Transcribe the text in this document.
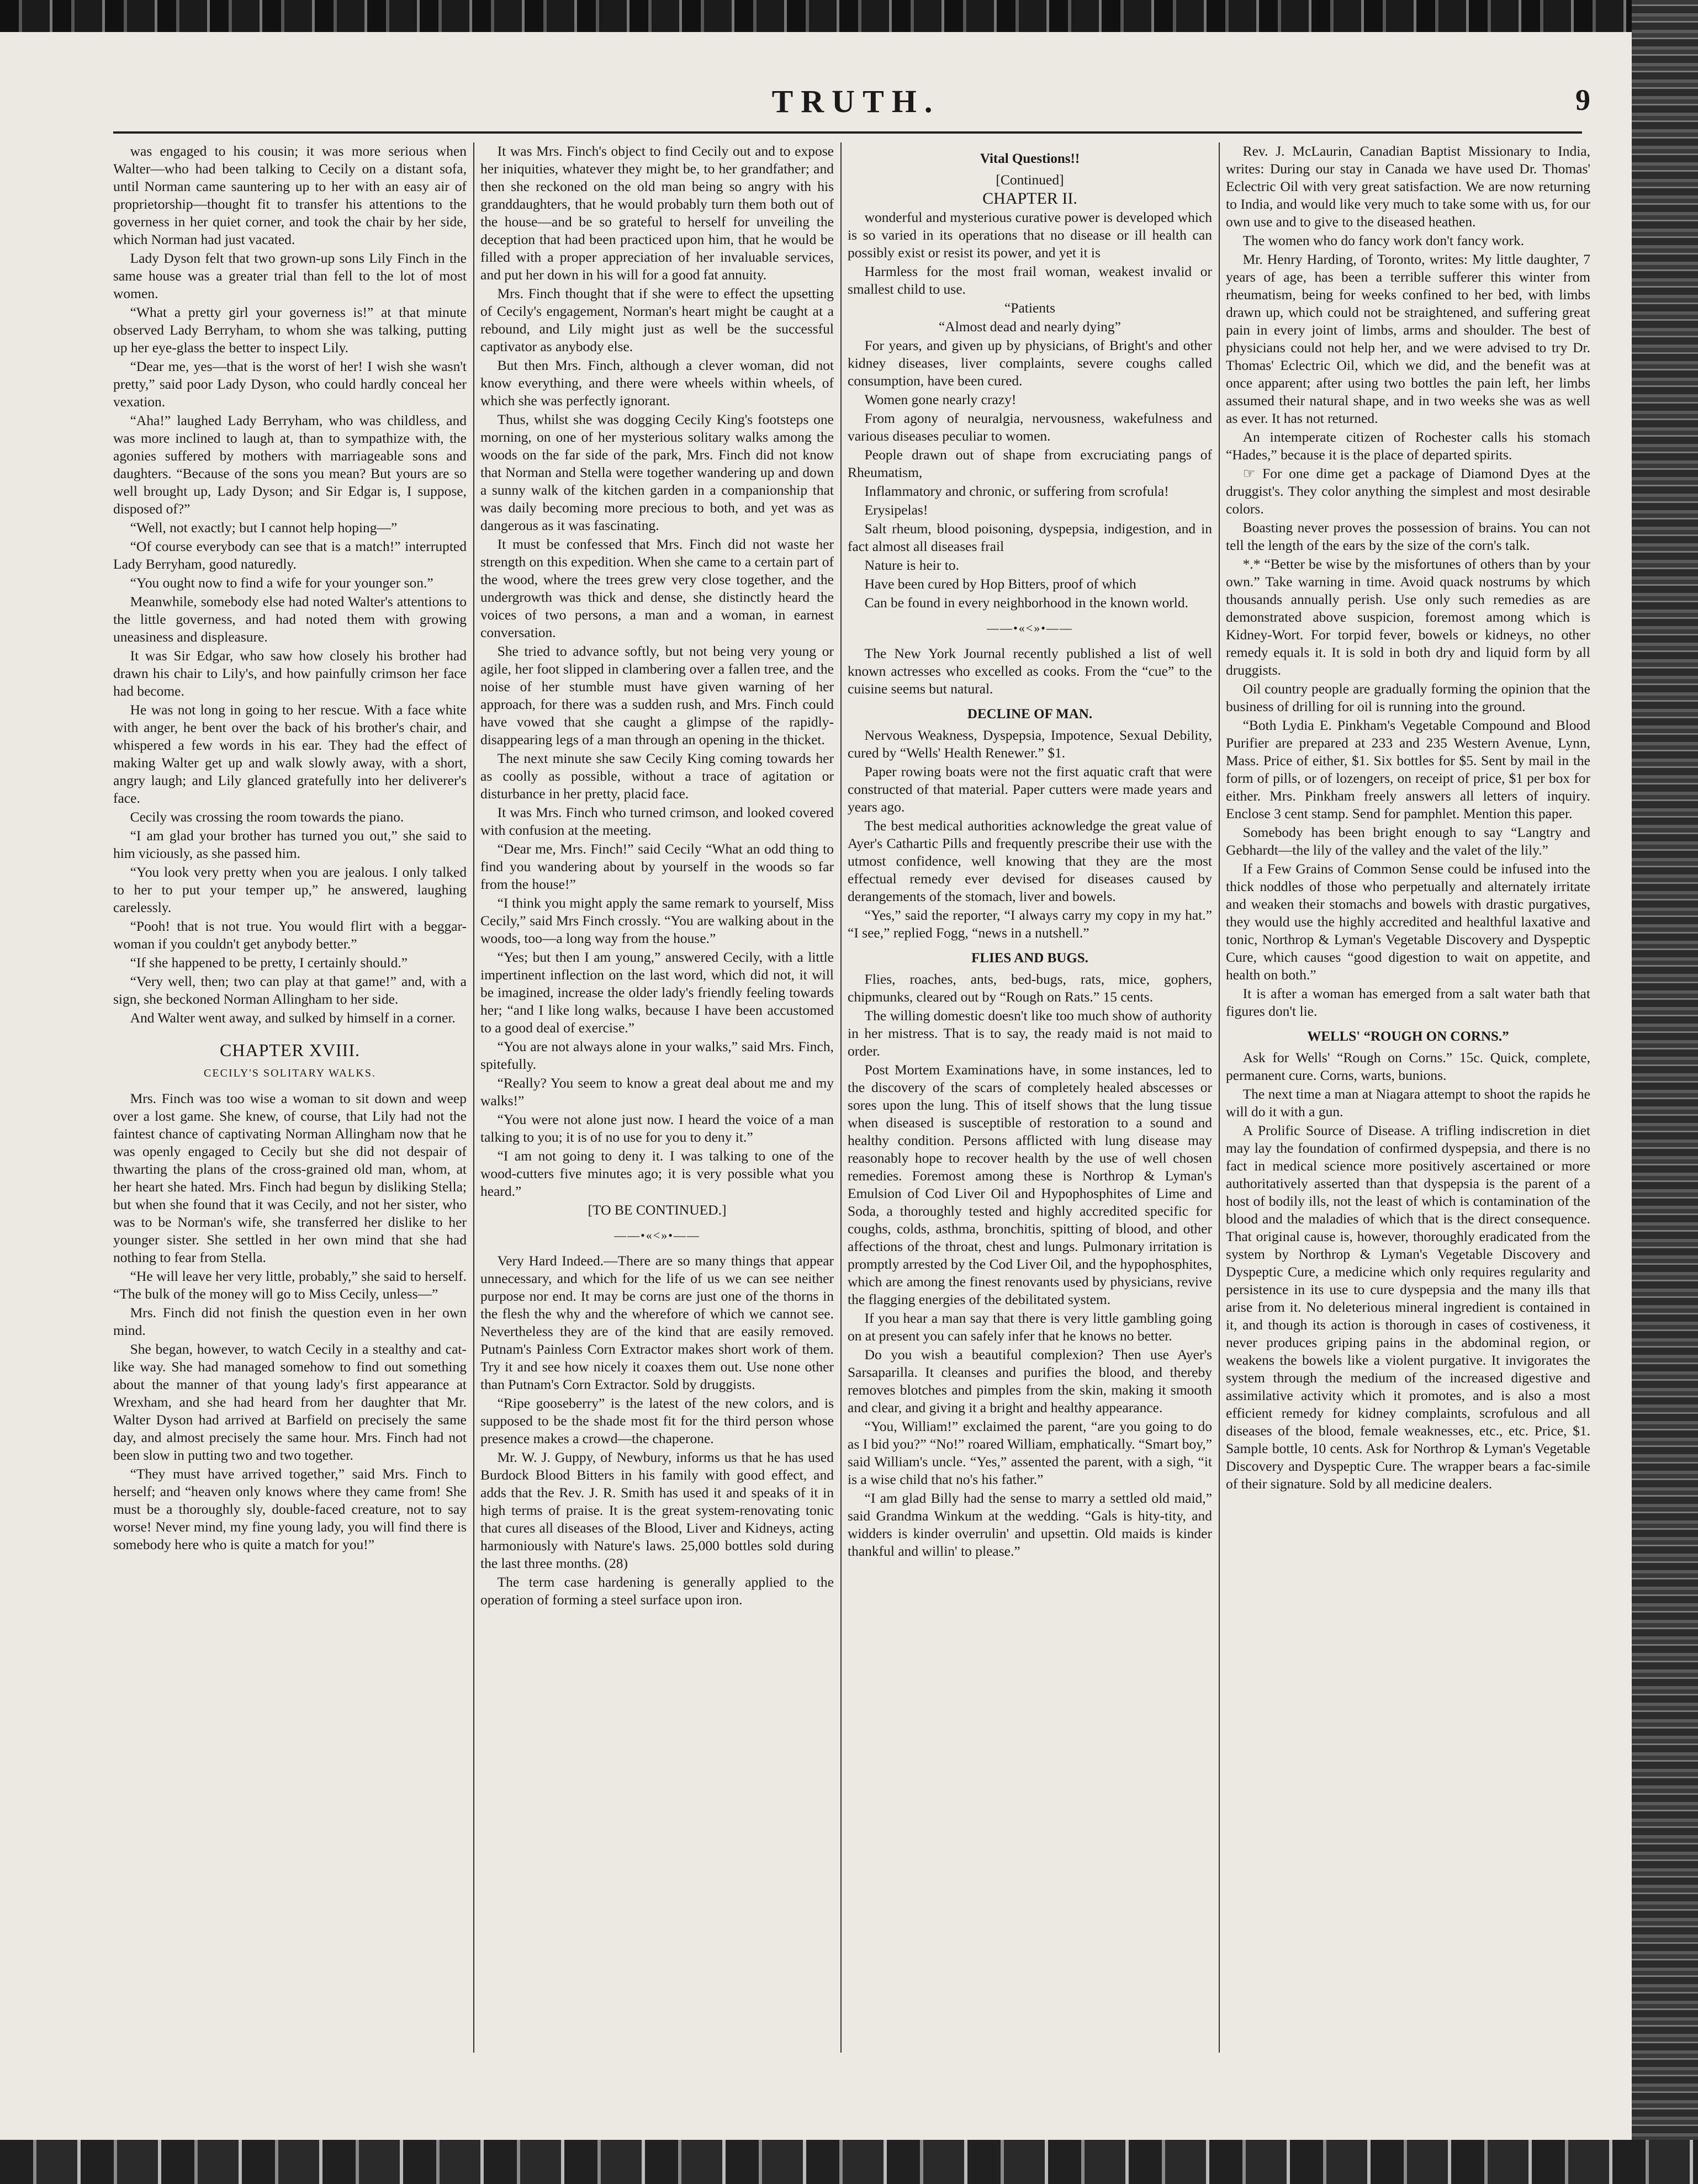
TRUTH.	9

was engaged to his cousin; it was more serious when Walter—who had been talking to Cecily on a distant sofa, until Norman came sauntering up to her with an easy air of proprietorship—thought fit to transfer his attentions to the governess in her quiet corner, and took the chair by her side, which Norman had just vacated.

Lady Dyson felt that two grown-up sons Lily Finch in the same house was a greater trial than fell to the lot of most women.

“What a pretty girl your governess is!” at that minute observed Lady Berryham, to whom she was talking, putting up her eye-glass the better to inspect Lily.

“Dear me, yes—that is the worst of her! I wish she wasn't pretty,” said poor Lady Dyson, who could hardly conceal her vexation.

“Aha!” laughed Lady Berryham, who was childless, and was more inclined to laugh at, than to sympathize with, the agonies suffered by mothers with marriageable sons and daughters. “Because of the sons you mean? But yours are so well brought up, Lady Dyson; and Sir Edgar is, I suppose, disposed of?”

“Well, not exactly; but I cannot help hoping—”

“Of course everybody can see that is a match!” interrupted Lady Berryham, good naturedly.

“You ought now to find a wife for your younger son.”

Meanwhile, somebody else had noted Walter's attentions to the little governess, and had noted them with growing uneasiness and displeasure.

It was Sir Edgar, who saw how closely his brother had drawn his chair to Lily's, and how painfully crimson her face had become.

He was not long in going to her rescue. With a face white with anger, he bent over the back of his brother's chair, and whispered a few words in his ear. They had the effect of making Walter get up and walk slowly away, with a short, angry laugh; and Lily glanced gratefully into her deliverer's face.

Cecily was crossing the room towards the piano.

“I am glad your brother has turned you out,” she said to him viciously, as she passed him.

“You look very pretty when you are jealous. I only talked to her to put your temper up,” he answered, laughing carelessly.

“Pooh! that is not true. You would flirt with a beggar-woman if you couldn't get anybody better.”

“If she happened to be pretty, I certainly should.”

“Very well, then; two can play at that game!” and, with a sign, she beckoned Norman Allingham to her side.

And Walter went away, and sulked by himself in a corner.

CHAPTER XVIII.

CECILY'S SOLITARY WALKS.

Mrs. Finch was too wise a woman to sit down and weep over a lost game. She knew, of course, that Lily had not the faintest chance of captivating Norman Allingham now that he was openly engaged to Cecily but she did not despair of thwarting the plans of the cross-grained old man, whom, at her heart she hated. Mrs. Finch had begun by disliking Stella; but when she found that it was Cecily, and not her sister, who was to be Norman's wife, she transferred her dislike to her younger sister. She settled in her own mind that she had nothing to fear from Stella.

“He will leave her very little, probably,” she said to herself. “The bulk of the money will go to Miss Cecily, unless—”

Mrs. Finch did not finish the question even in her own mind.

She began, however, to watch Cecily in a stealthy and cat-like way. She had managed somehow to find out something about the manner of that young lady's first appearance at Wrexham, and she had heard from her daughter that Mr. Walter Dyson had arrived at Barfield on precisely the same day, and almost precisely the same hour. Mrs. Finch had not been slow in putting two and two together.

“They must have arrived together,” said Mrs. Finch to herself; and “heaven only knows where they came from! She must be a thoroughly sly, double-faced creature, not to say worse! Never mind, my fine young lady, you will find there is somebody here who is quite a match for you!”

It was Mrs. Finch's object to find Cecily out and to expose her iniquities, whatever they might be, to her grandfather; and then she reckoned on the old man being so angry with his granddaughters, that he would probably turn them both out of the house—and be so grateful to herself for unveiling the deception that had been practiced upon him, that he would be filled with a proper appreciation of her invaluable services, and put her down in his will for a good fat annuity.

Mrs. Finch thought that if she were to effect the upsetting of Cecily's engagement, Norman's heart might be caught at a rebound, and Lily might just as well be the successful captivator as anybody else.

But then Mrs. Finch, although a clever woman, did not know everything, and there were wheels within wheels, of which she was perfectly ignorant.

Thus, whilst she was dogging Cecily King's footsteps one morning, on one of her mysterious solitary walks among the woods on the far side of the park, Mrs. Finch did not know that Norman and Stella were together wandering up and down a sunny walk of the kitchen garden in a companionship that was daily becoming more precious to both, and yet was as dangerous as it was fascinating.

It must be confessed that Mrs. Finch did not waste her strength on this expedition. When she came to a certain part of the wood, where the trees grew very close together, and the undergrowth was thick and dense, she distinctly heard the voices of two persons, a man and a woman, in earnest conversation.

She tried to advance softly, but not being very young or agile, her foot slipped in clambering over a fallen tree, and the noise of her stumble must have given warning of her approach, for there was a sudden rush, and Mrs. Finch could have vowed that she caught a glimpse of the rapidly-disappearing legs of a man through an opening in the thicket.

The next minute she saw Cecily King coming towards her as coolly as possible, without a trace of agitation or disturbance in her pretty, placid face.

It was Mrs. Finch who turned crimson, and looked covered with confusion at the meeting.

“Dear me, Mrs. Finch!” said Cecily “What an odd thing to find you wandering about by yourself in the woods so far from the house!”

“I think you might apply the same remark to yourself, Miss Cecily,” said Mrs Finch crossly. “You are walking about in the woods, too—a long way from the house.”

“Yes; but then I am young,” answered Cecily, with a little impertinent inflection on the last word, which did not, it will be imagined, increase the older lady's friendly feeling towards her; “and I like long walks, because I have been accustomed to a good deal of exercise.”

“You are not always alone in your walks,” said Mrs. Finch, spitefully.

“Really? You seem to know a great deal about me and my walks!”

“You were not alone just now. I heard the voice of a man talking to you; it is of no use for you to deny it.”

“I am not going to deny it. I was talking to one of the wood-cutters five minutes ago; it is very possible what you heard.”

[TO BE CONTINUED.]

——•«<»•——

Very Hard Indeed.—There are so many things that appear unnecessary, and which for the life of us we can see neither purpose nor end. It may be corns are just one of the thorns in the flesh the why and the wherefore of which we cannot see. Nevertheless they are of the kind that are easily removed. Putnam's Painless Corn Extractor makes short work of them. Try it and see how nicely it coaxes them out. Use none other than Putnam's Corn Extractor. Sold by druggists.

“Ripe gooseberry” is the latest of the new colors, and is supposed to be the shade most fit for the third person whose presence makes a crowd—the chaperone.

Mr. W. J. Guppy, of Newbury, informs us that he has used Burdock Blood Bitters in his family with good effect, and adds that the Rev. J. R. Smith has used it and speaks of it in high terms of praise. It is the great system-renovating tonic that cures all diseases of the Blood, Liver and Kidneys, acting harmoniously with Nature's laws. 25,000 bottles sold during the last three months. (28)

The term case hardening is generally applied to the operation of forming a steel surface upon iron.

Vital Questions!!

[Continued]

CHAPTER II.

wonderful and mysterious curative power is developed which is so varied in its operations that no disease or ill health can possibly exist or resist its power, and yet it is

Harmless for the most frail woman, weakest invalid or smallest child to use.

“Patients

“Almost dead and nearly dying”

For years, and given up by physicians, of Bright's and other kidney diseases, liver complaints, severe coughs called consumption, have been cured.

Women gone nearly crazy!

From agony of neuralgia, nervousness, wakefulness and various diseases peculiar to women.

People drawn out of shape from excruciating pangs of Rheumatism,

Inflammatory and chronic, or suffering from scrofula!

Erysipelas!

Salt rheum, blood poisoning, dyspepsia, indigestion, and in fact almost all diseases frail

Nature is heir to.

Have been cured by Hop Bitters, proof of which

Can be found in every neighborhood in the known world.

——•«<»•——

The New York Journal recently published a list of well known actresses who excelled as cooks. From the “cue” to the cuisine seems but natural.

DECLINE OF MAN.

Nervous Weakness, Dyspepsia, Impotence, Sexual Debility, cured by “Wells' Health Renewer.” $1.

Paper rowing boats were not the first aquatic craft that were constructed of that material. Paper cutters were made years and years ago.

The best medical authorities acknowledge the great value of Ayer's Cathartic Pills and frequently prescribe their use with the utmost confidence, well knowing that they are the most effectual remedy ever devised for diseases caused by derangements of the stomach, liver and bowels.

“Yes,” said the reporter, “I always carry my copy in my hat.” “I see,” replied Fogg, “news in a nutshell.”

FLIES AND BUGS.

Flies, roaches, ants, bed-bugs, rats, mice, gophers, chipmunks, cleared out by “Rough on Rats.” 15 cents.

The willing domestic doesn't like too much show of authority in her mistress. That is to say, the ready maid is not maid to order.

Post Mortem Examinations have, in some instances, led to the discovery of the scars of completely healed abscesses or sores upon the lung. This of itself shows that the lung tissue when diseased is susceptible of restoration to a sound and healthy condition. Persons afflicted with lung disease may reasonably hope to recover health by the use of well chosen remedies. Foremost among these is Northrop & Lyman's Emulsion of Cod Liver Oil and Hypophosphites of Lime and Soda, a thoroughly tested and highly accredited specific for coughs, colds, asthma, bronchitis, spitting of blood, and other affections of the throat, chest and lungs. Pulmonary irritation is promptly arrested by the Cod Liver Oil, and the hypophosphites, which are among the finest renovants used by physicians, revive the flagging energies of the debilitated system.

If you hear a man say that there is very little gambling going on at present you can safely infer that he knows no better.

Do you wish a beautiful complexion? Then use Ayer's Sarsaparilla. It cleanses and purifies the blood, and thereby removes blotches and pimples from the skin, making it smooth and clear, and giving it a bright and healthy appearance.

“You, William!” exclaimed the parent, “are you going to do as I bid you?” “No!” roared William, emphatically. “Smart boy,” said William's uncle. “Yes,” assented the parent, with a sigh, “it is a wise child that no's his father.”

“I am glad Billy had the sense to marry a settled old maid,” said Grandma Winkum at the wedding. “Gals is hity-tity, and widders is kinder overrulin' and upsettin. Old maids is kinder thankful and willin' to please.”

Rev. J. McLaurin, Canadian Baptist Missionary to India, writes: During our stay in Canada we have used Dr. Thomas' Eclectric Oil with very great satisfaction. We are now returning to India, and would like very much to take some with us, for our own use and to give to the diseased heathen.

The women who do fancy work don't fancy work.

Mr. Henry Harding, of Toronto, writes: My little daughter, 7 years of age, has been a terrible sufferer this winter from rheumatism, being for weeks confined to her bed, with limbs drawn up, which could not be straightened, and suffering great pain in every joint of limbs, arms and shoulder. The best of physicians could not help her, and we were advised to try Dr. Thomas' Eclectric Oil, which we did, and the benefit was at once apparent; after using two bottles the pain left, her limbs assumed their natural shape, and in two weeks she was as well as ever. It has not returned.

An intemperate citizen of Rochester calls his stomach “Hades,” because it is the place of departed spirits.

☞ For one dime get a package of Diamond Dyes at the druggist's. They color anything the simplest and most desirable colors.

Boasting never proves the possession of brains. You can not tell the length of the ears by the size of the corn's talk.

*.* “Better be wise by the misfortunes of others than by your own.” Take warning in time. Avoid quack nostrums by which thousands annually perish. Use only such remedies as are demonstrated above suspicion, foremost among which is Kidney-Wort. For torpid fever, bowels or kidneys, no other remedy equals it. It is sold in both dry and liquid form by all druggists.

Oil country people are gradually forming the opinion that the business of drilling for oil is running into the ground.

“Both Lydia E. Pinkham's Vegetable Compound and Blood Purifier are prepared at 233 and 235 Western Avenue, Lynn, Mass. Price of either, $1. Six bottles for $5. Sent by mail in the form of pills, or of lozengers, on receipt of price, $1 per box for either. Mrs. Pinkham freely answers all letters of inquiry. Enclose 3 cent stamp. Send for pamphlet. Mention this paper.

Somebody has been bright enough to say “Langtry and Gebhardt—the lily of the valley and the valet of the lily.”

If a Few Grains of Common Sense could be infused into the thick noddles of those who perpetually and alternately irritate and weaken their stomachs and bowels with drastic purgatives, they would use the highly accredited and healthful laxative and tonic, Northrop & Lyman's Vegetable Discovery and Dyspeptic Cure, which causes “good digestion to wait on appetite, and health on both.”

It is after a woman has emerged from a salt water bath that figures don't lie.

WELLS' “ROUGH ON CORNS.”

Ask for Wells' “Rough on Corns.” 15c. Quick, complete, permanent cure. Corns, warts, bunions.

The next time a man at Niagara attempt to shoot the rapids he will do it with a gun.

A Prolific Source of Disease. A trifling indiscretion in diet may lay the foundation of confirmed dyspepsia, and there is no fact in medical science more positively ascertained or more authoritatively asserted than that dyspepsia is the parent of a host of bodily ills, not the least of which is contamination of the blood and the maladies of which that is the direct consequence. That original cause is, however, thoroughly eradicated from the system by Northrop & Lyman's Vegetable Discovery and Dyspeptic Cure, a medicine which only requires regularity and persistence in its use to cure dyspepsia and the many ills that arise from it. No deleterious mineral ingredient is contained in it, and though its action is thorough in cases of costiveness, it never produces griping pains in the abdominal region, or weakens the bowels like a violent purgative. It invigorates the system through the medium of the increased digestive and assimilative activity which it promotes, and is also a most efficient remedy for kidney complaints, scrofulous and all diseases of the blood, female weaknesses, etc., etc. Price, $1. Sample bottle, 10 cents. Ask for Northrop & Lyman's Vegetable Discovery and Dyspeptic Cure. The wrapper bears a fac-simile of their signature. Sold by all medicine dealers.
